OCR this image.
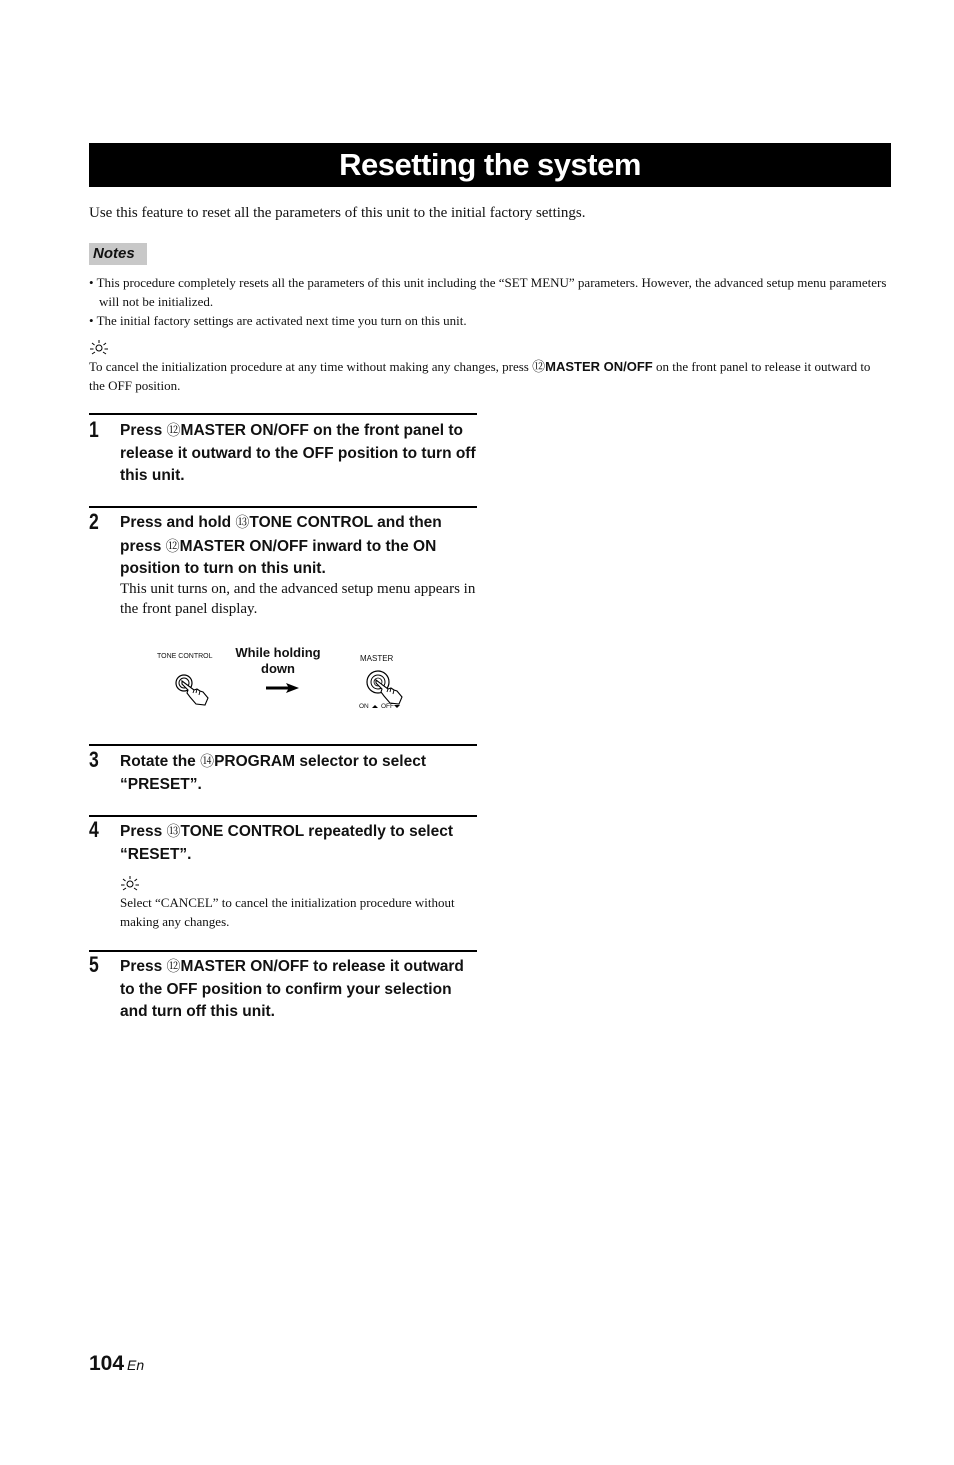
Resetting the system
Use this feature to reset all the parameters of this unit to the initial factory settings.
Notes
• This procedure completely resets all the parameters of this unit including the “SET MENU” parameters. However, the advanced setup menu parameters will not be initialized.
• The initial factory settings are activated next time you turn on this unit.
To cancel the initialization procedure at any time without making any changes, press ⑫MASTER ON/OFF on the front panel to release it outward to the OFF position.
1 Press ⑫MASTER ON/OFF on the front panel to release it outward to the OFF position to turn off this unit.
2 Press and hold ⑬TONE CONTROL and then press ⑫MASTER ON/OFF inward to the ON position to turn on this unit.
This unit turns on, and the advanced setup menu appears in the front panel display.
TONE CONTROL	While holding down
MASTER
ON OFF
3 Rotate the ⑭PROGRAM selector to select “PRESET”.
4 Press ⑬TONE CONTROL repeatedly to select “RESET”.
Select “CANCEL” to cancel the initialization procedure without making any changes.
5 Press ⑫MASTER ON/OFF to release it outward to the OFF position to confirm your selection and turn off this unit.
104 En
